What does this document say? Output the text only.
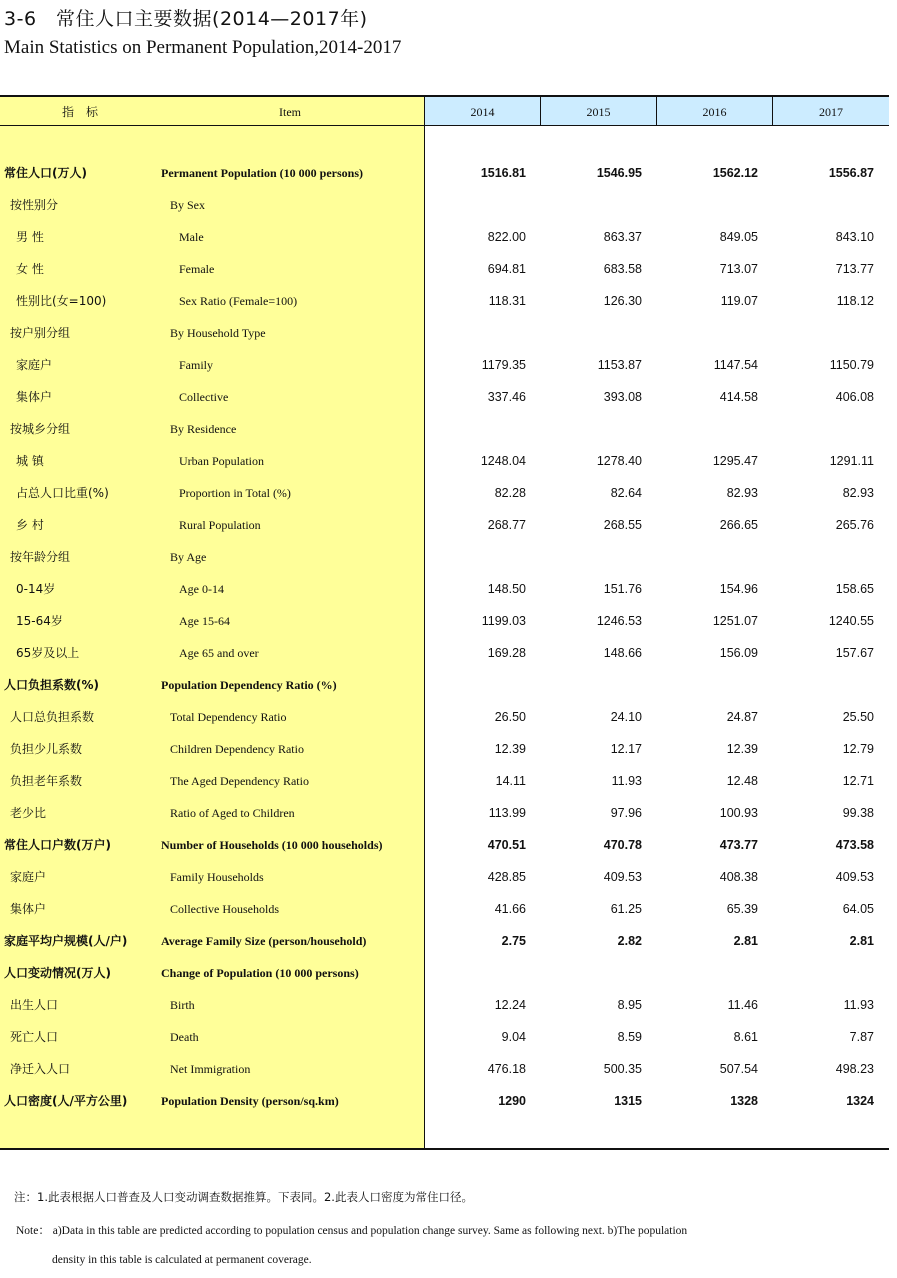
3-6　常住人口主要数据(2014—2017年)
Main Statistics on Permanent Population,2014-2017
指　标	Item	2014	2015	2016	2017
常住人口(万人)	Permanent Population (10 000 persons)	1516.81	1546.95	1562.12	1556.87
按性别分	By Sex
男 性	Male	822.00	863.37	849.05	843.10
女 性	Female	694.81	683.58	713.07	713.77
性别比(女=100)	Sex Ratio (Female=100)	118.31	126.30	119.07	118.12
按户别分组	By Household Type
家庭户	Family	1179.35	1153.87	1147.54	1150.79
集体户	Collective	337.46	393.08	414.58	406.08
按城乡分组	By Residence
城 镇	Urban Population	1248.04	1278.40	1295.47	1291.11
占总人口比重(%)	Proportion in Total (%)	82.28	82.64	82.93	82.93
乡 村	Rural Population	268.77	268.55	266.65	265.76
按年龄分组	By Age
0-14岁	Age 0-14	148.50	151.76	154.96	158.65
15-64岁	Age 15-64	1199.03	1246.53	1251.07	1240.55
65岁及以上	Age 65 and over	169.28	148.66	156.09	157.67
人口负担系数(%)	Population Dependency Ratio (%)
人口总负担系数	Total Dependency Ratio	26.50	24.10	24.87	25.50
负担少儿系数	Children Dependency Ratio	12.39	12.17	12.39	12.79
负担老年系数	The Aged Dependency Ratio	14.11	11.93	12.48	12.71
老少比	Ratio of Aged to Children	113.99	97.96	100.93	99.38
常住人口户数(万户)	Number of Households (10 000 households)	470.51	470.78	473.77	473.58
家庭户	Family Households	428.85	409.53	408.38	409.53
集体户	Collective Households	41.66	61.25	65.39	64.05
家庭平均户规模(人/户)	Average Family Size (person/household)	2.75	2.82	2.81	2.81
人口变动情况(万人)	Change of Population (10 000 persons)
出生人口	Birth	12.24	8.95	11.46	11.93
死亡人口	Death	9.04	8.59	8.61	7.87
净迁入人口	Net Immigration	476.18	500.35	507.54	498.23
人口密度(人/平方公里)	Population Density (person/sq.km)	1290	1315	1328	1324
注：1.此表根据人口普查及人口变动调查数据推算。下表同。2.此表人口密度为常住口径。
Note： a)Data in this table are predicted according to population census and population change survey. Same as following next. b)The population
density in this table is calculated at permanent coverage.
